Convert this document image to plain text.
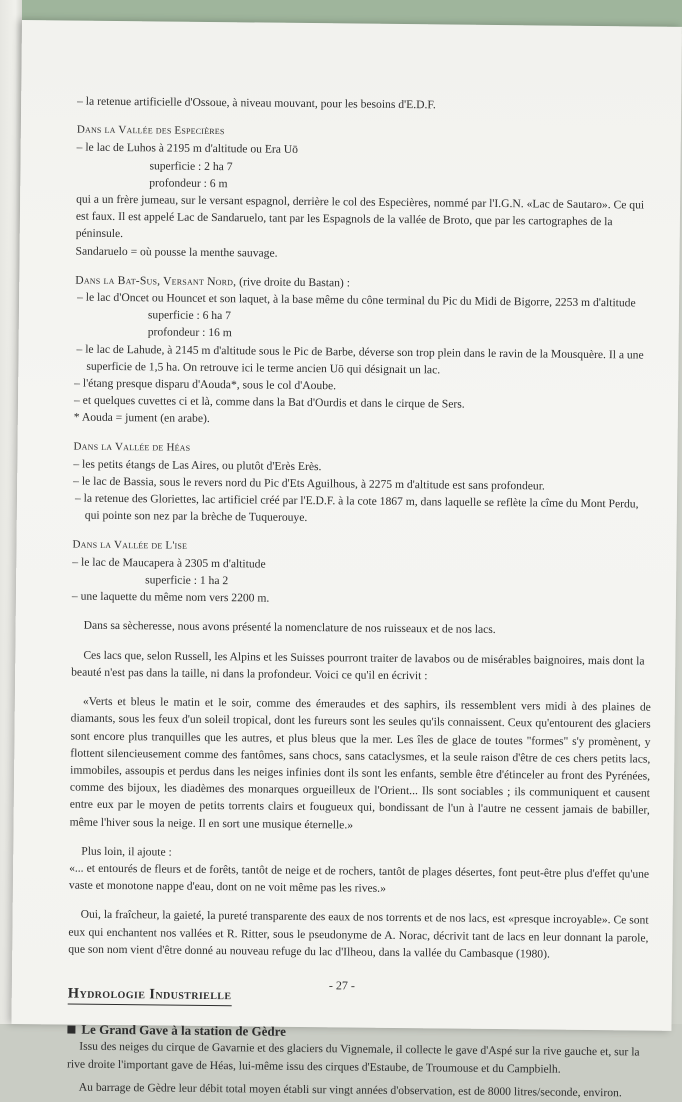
– la retenue artificielle d'Ossoue, à niveau mouvant, pour les besoins d'E.D.F.

Dans la Vallée des Especières

– le lac de Luhos à 2195 m d'altitude ou Era Uō

superficie : 2 ha 7

profondeur : 6 m

qui a un frère jumeau, sur le versant espagnol, derrière le col des Especières, nommé par l'I.G.N. «Lac de Sautaro». Ce qui est faux. Il est appelé Lac de Sandaruelo, tant par les Espagnols de la vallée de Broto, que par les cartographes de la péninsule.

Sandaruelo = où pousse la menthe sauvage.

Dans la Bat-Sus, Versant Nord, (rive droite du Bastan) :

– le lac d'Oncet ou Houncet et son laquet, à la base même du cône terminal du Pic du Midi de Bigorre, 2253 m d'altitude

superficie : 6 ha 7

profondeur : 16 m

– le lac de Lahude, à 2145 m d'altitude sous le Pic de Barbe, déverse son trop plein dans le ravin de la Mousquère. Il a une superficie de 1,5 ha. On retrouve ici le terme ancien Uō qui désignait un lac.

– l'étang presque disparu d'Aouda*, sous le col d'Aoube.

– et quelques cuvettes ci et là, comme dans la Bat d'Ourdis et dans le cirque de Sers.

* Aouda = jument (en arabe).

Dans la Vallée de Héas

– les petits étangs de Las Aires, ou plutôt d'Erès Erès.

– le lac de Bassia, sous le revers nord du Pic d'Ets Aguilhous, à 2275 m d'altitude est sans profondeur.

– la retenue des Gloriettes, lac artificiel créé par l'E.D.F. à la cote 1867 m, dans laquelle se reflète la cîme du Mont Perdu, qui pointe son nez par la brèche de Tuquerouye.

Dans la Vallée de L'ise

– le lac de Maucapera à 2305 m d'altitude

superficie : 1 ha 2

– une laquette du même nom vers 2200 m.

Dans sa sècheresse, nous avons présenté la nomenclature de nos ruisseaux et de nos lacs.

Ces lacs que, selon Russell, les Alpins et les Suisses pourront traiter de lavabos ou de misérables baignoires, mais dont la beauté n'est pas dans la taille, ni dans la profondeur. Voici ce qu'il en écrivit :

«Verts et bleus le matin et le soir, comme des émeraudes et des saphirs, ils ressemblent vers midi à des plaines de diamants, sous les feux d'un soleil tropical, dont les fureurs sont les seules qu'ils connaissent. Ceux qu'entourent des glaciers sont encore plus tranquilles que les autres, et plus bleus que la mer. Les îles de glace de toutes "formes" s'y promènent, y flottent silencieusement comme des fantômes, sans chocs, sans cataclysmes, et la seule raison d'être de ces chers petits lacs, immobiles, assoupis et perdus dans les neiges infinies dont ils sont les enfants, semble être d'étinceler au front des Pyrénées, comme des bijoux, les diadèmes des monarques orgueilleux de l'Orient... Ils sont sociables ; ils communiquent et causent entre eux par le moyen de petits torrents clairs et fougueux qui, bondissant de l'un à l'autre ne cessent jamais de babiller, même l'hiver sous la neige. Il en sort une musique éternelle.»

Plus loin, il ajoute :

«... et entourés de fleurs et de forêts, tantôt de neige et de rochers, tantôt de plages désertes, font peut-être plus d'effet qu'une vaste et monotone nappe d'eau, dont on ne voit même pas les rives.»

Oui, la fraîcheur, la gaieté, la pureté transparente des eaux de nos torrents et de nos lacs, est «presque incroyable». Ce sont eux qui enchantent nos vallées et R. Ritter, sous le pseudonyme de A. Norac, décrivit tant de lacs en leur donnant la parole, que son nom vient d'être donné au nouveau refuge du lac d'Ilheou, dans la vallée du Cambasque (1980).

Hydrologie Industrielle

Le Grand Gave à la station de Gèdre

Issu des neiges du cirque de Gavarnie et des glaciers du Vignemale, il collecte le gave d'Aspé sur la rive gauche et, sur la rive droite l'important gave de Héas, lui-même issu des cirques d'Estaube, de Troumouse et du Campbielh.

Au barrage de Gèdre leur débit total moyen établi sur vingt années d'observation, est de 8000 litres/seconde, environ.

- 27 -
